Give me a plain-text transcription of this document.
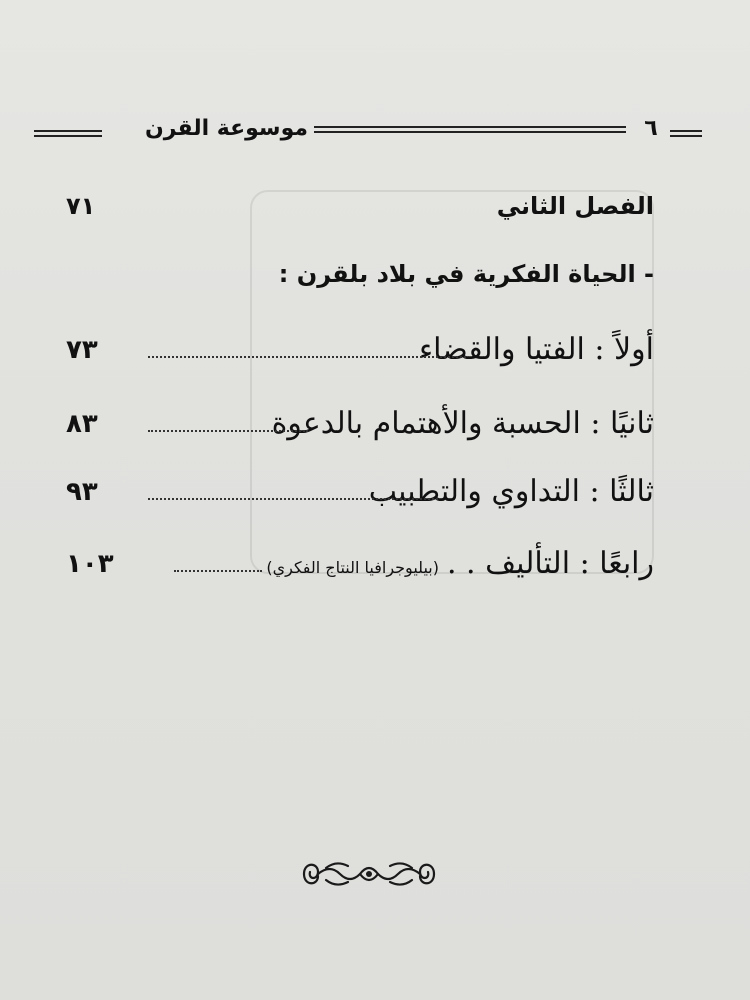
موسوعة القرن	٦
الفصل الثاني
٧١
- الحياة الفكرية في بلاد بلقرن :
أولاً : الفتيا والقضاء
٧٣
ثانيًا : الحسبة والأهتمام بالدعوة
٨٣
ثالثًا : التداوي والتطبيب
٩٣
رابعًا : التأليف . .(بيليوجرافيا النتاج الفكري)
١٠٣
